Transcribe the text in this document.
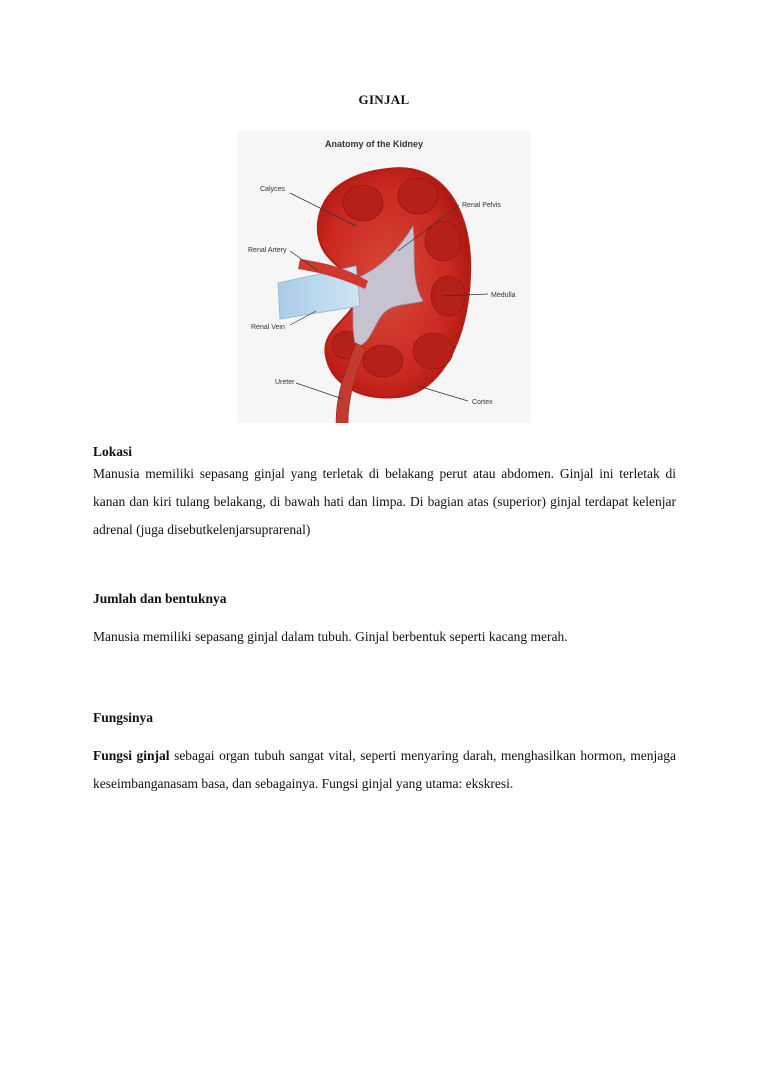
GINJAL
Anatomy of the Kidney
Calyces
Renal Pelvis
Renal Artery
Medulla
Renal Vein
Ureter
Cortex
Lokasi

Manusia memiliki sepasang ginjal yang terletak di belakang perut atau abdomen. Ginjal ini terletak di kanan dan kiri tulang belakang, di bawah hati dan limpa. Di bagian atas (superior) ginjal terdapat kelenjar adrenal (juga disebutkelenjarsuprarenal)

Jumlah dan bentuknya

Manusia memiliki sepasang ginjal dalam tubuh. Ginjal berbentuk seperti kacang merah.

Fungsinya

Fungsi ginjal sebagai organ tubuh sangat vital, seperti menyaring darah, menghasilkan hormon, menjaga keseimbanganasam basa, dan sebagainya. Fungsi ginjal yang utama: ekskresi.
